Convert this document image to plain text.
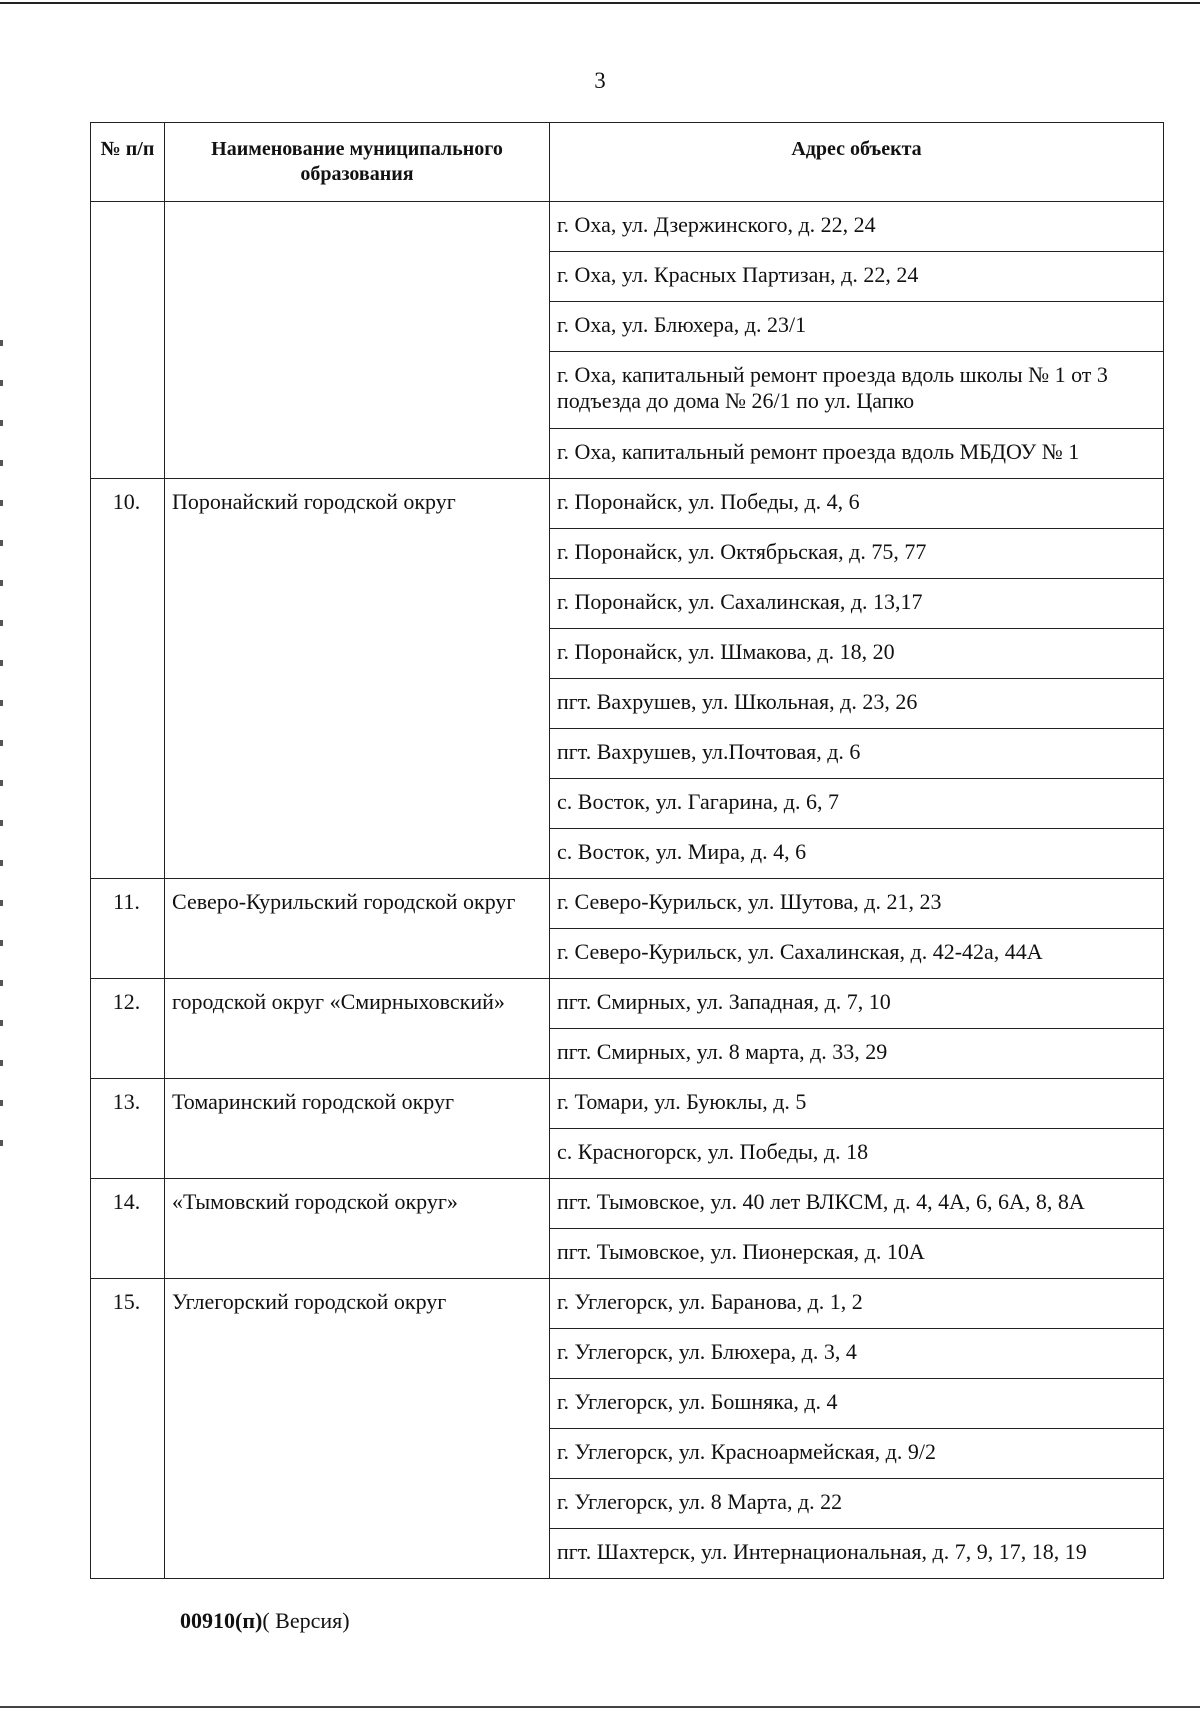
3
№ п/п	Наименование муниципального образования	Адрес объекта
		г. Оха, ул. Дзержинского, д. 22, 24
		г. Оха, ул. Красных Партизан, д. 22, 24
		г. Оха, ул. Блюхера, д. 23/1
		г. Оха, капитальный ремонт проезда вдоль школы № 1 от 3 подъезда до дома № 26/1 по ул. Цапко
		г. Оха, капитальный ремонт проезда вдоль МБДОУ № 1
10.	Поронайский городской округ	г. Поронайск, ул. Победы, д. 4, 6
		г. Поронайск, ул. Октябрьская, д. 75, 77
		г. Поронайск, ул. Сахалинская, д. 13,17
		г. Поронайск, ул. Шмакова, д. 18, 20
		пгт. Вахрушев, ул. Школьная, д. 23, 26
		пгт. Вахрушев, ул.Почтовая, д. 6
		с. Восток, ул. Гагарина, д. 6, 7
		с. Восток, ул. Мира, д. 4, 6
11.	Северо-Курильский городской округ	г. Северо-Курильск, ул. Шутова, д. 21, 23
		г. Северо-Курильск, ул. Сахалинская, д. 42-42а, 44А
12.	городской округ «Смирныховский»	пгт. Смирных, ул. Западная, д. 7, 10
		пгт. Смирных, ул. 8 марта, д. 33, 29
13.	Томаринский городской округ	г. Томари, ул. Буюклы, д. 5
		с. Красногорск, ул. Победы, д. 18
14.	«Тымовский городской округ»	пгт. Тымовское, ул. 40 лет ВЛКСМ, д. 4, 4А, 6, 6А, 8, 8А
		пгт. Тымовское, ул. Пионерская, д. 10А
15.	Углегорский городской округ	г. Углегорск, ул. Баранова, д. 1, 2
		г. Углегорск, ул. Блюхера, д. 3, 4
		г. Углегорск, ул. Бошняка, д. 4
		г. Углегорск, ул. Красноармейская, д. 9/2
		г. Углегорск, ул. 8 Марта, д. 22
		пгт. Шахтерск, ул. Интернациональная, д. 7, 9, 17, 18, 19
00910(п)( Версия)
